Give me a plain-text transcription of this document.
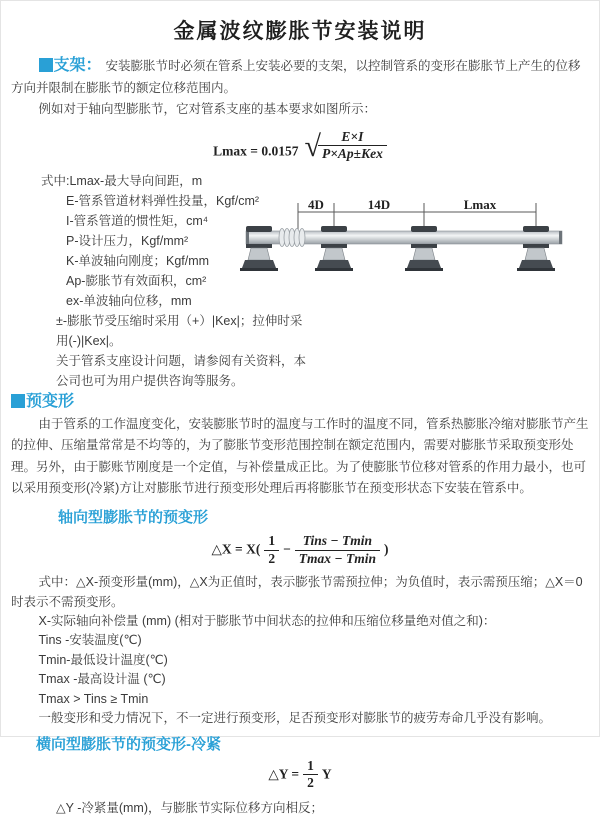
金属波纹膨胀节安装说明

支架： 安装膨胀节时必须在管系上安装必要的支架，以控制管系的变形在膨胀节上产生的位移方向并限制在膨胀节的额定位移范围内。

例如对于轴向型膨胀节，它对管系支座的基本要求如图所示：

Lmax = 0.0157 √
$\frac{E\times I}{\text{P×Ap±Kex}}$

式中:Lmax-最大导向间距，m

E-管系管道材料弹性投量，Kgf/cm²

I-管系管道的惯性矩，cm⁴

P-设计压力，Kgf/mm²

K-单波轴向刚度；Kgf/mm

Ap-膨胀节有效面积，cm²

ex-单波轴向位移，mm

±-膨胀节受压缩时采用（+）|Kex|；拉伸时采用(-)|Kex|。

关于管系支座设计问题，请参阅有关资料，本公司也可为用户提供咨询等服务。

预变形

由于管系的工作温度变化，安装膨胀节时的温度与工作时的温度不同，管系热膨胀冷缩对膨胀节产生的拉伸、压缩量常常是不均等的，为了膨胀节变形范围控制在额定范围内，需要对膨胀节采取预变形处理。另外，由于膨账节刚度是一个定值，与补偿量成正比。为了使膨胀节位移对管系的作用力最小，也可以采用预变形(冷紧)方让对膨胀节进行预变形处理后再将膨胀节在预变形状态下安装在管系中。

轴向型膨胀节的预变形
△X = $X( \frac{1}{2} - \frac{\text{Tins − Tmin}}{Tmax - Tmin}$ )

式中：△X-预变形量(mm)，△X为正值时，表示膨张节需预拉伸；为负值时，表示需预压缩；△X＝0时表示不需预变形。

X-实际轴向补偿量 (mm) (相对于膨胀节中间状态的拉伸和压缩位移量绝对值之和)：

Tins -安装温度(℃)

Tmin-最低设计温度(℃)

Tmax -最高设计温 (℃)

Tmax > Tins ≥ Tmin

一般变形和受力情况下，不一定进行预变形，足否预变形对膨胀节的疲劳寿命几乎没有影响。

横向型膨胀节的预变形-冷紧
△Y = $\frac{1}{2}$ Y

△Y -冷紧量(mm)，与膨胀节实际位移方向相反；

4D	14D	Lmax
